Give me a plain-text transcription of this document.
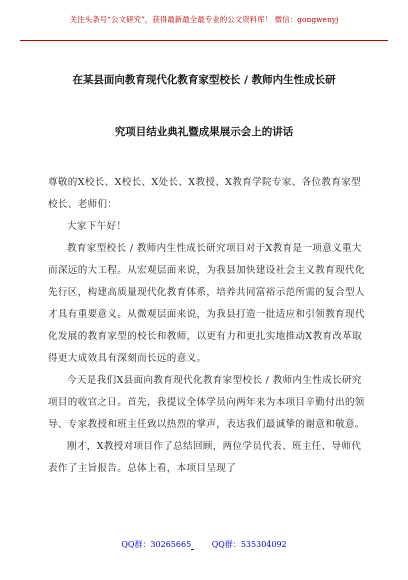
关注头条号“公文研究”，获得最新最全最专业的公文资料库！ 微信：gongwenyj
在某县面向教育现代化教育家型校长 / 教师内生性成长研
究项目结业典礼暨成果展示会上的讲话

尊敬的X校长、X校长、X处长、X教授、X教育学院专家、各位教育家型校长、老师们：

大家下午好！

教育家型校长 / 教师内生性成长研究项目对于X教育是一项意义重大而深远的大工程。从宏观层面来说，为我县加快建设社会主义教育现代化先行区，构建高质量现代化教育体系，培养共同富裕示范所需的复合型人才具有重要意义。从微观层面来说，为我县打造一批适应和引领教育现代化发展的教育家型的校长和教师，以更有力和更扎实地推动X教育改革取得更大成效具有深刻而长远的意义。

今天是我们X县面向教育现代化教育家型校长 / 教师内生性成长研究项目的收官之日。首先，我提议全体学员向两年来为本项目辛勤付出的领导、专家教授和班主任致以热烈的掌声，表达我们最诚挚的谢意和敬意。

刚才，X教授对项目作了总结回顾，两位学员代表、班主任、导师代表作了主旨报告。总体上看，本项目呈现了

QQ群：30265665	QQ群：535304092
